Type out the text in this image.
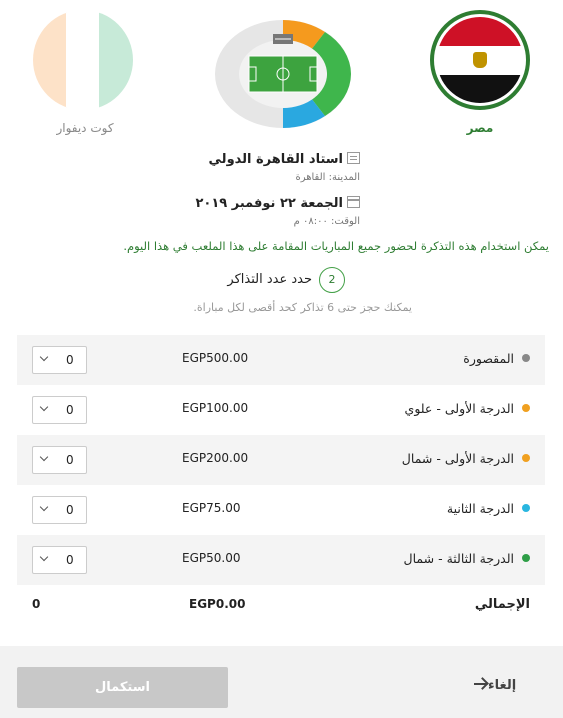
مصر
كوت ديفوار
استاد القاهرة الدولي
المدينة: القاهرة
الجمعة ٢٢ نوفمبر ٢٠١٩
الوقت: ٠٨:٠٠ م
يمكن استخدام هذه التذكرة لحضور جميع المباريات المقامة على هذا الملعب في هذا اليوم.
2
حدد عدد التذاكر
يمكنك حجز حتى 6 تذاكر كحد أقصى لكل مباراة.
المقصورة
EGP500.00
0
الدرجة الأولى - علوي
EGP100.00
0
الدرجة الأولى - شمال
EGP200.00
0
الدرجة الثانية
EGP75.00
0
الدرجة الثالثة - شمال
EGP50.00
0
الإجمالي
EGP0.00
0
استكمال	إلغاء
